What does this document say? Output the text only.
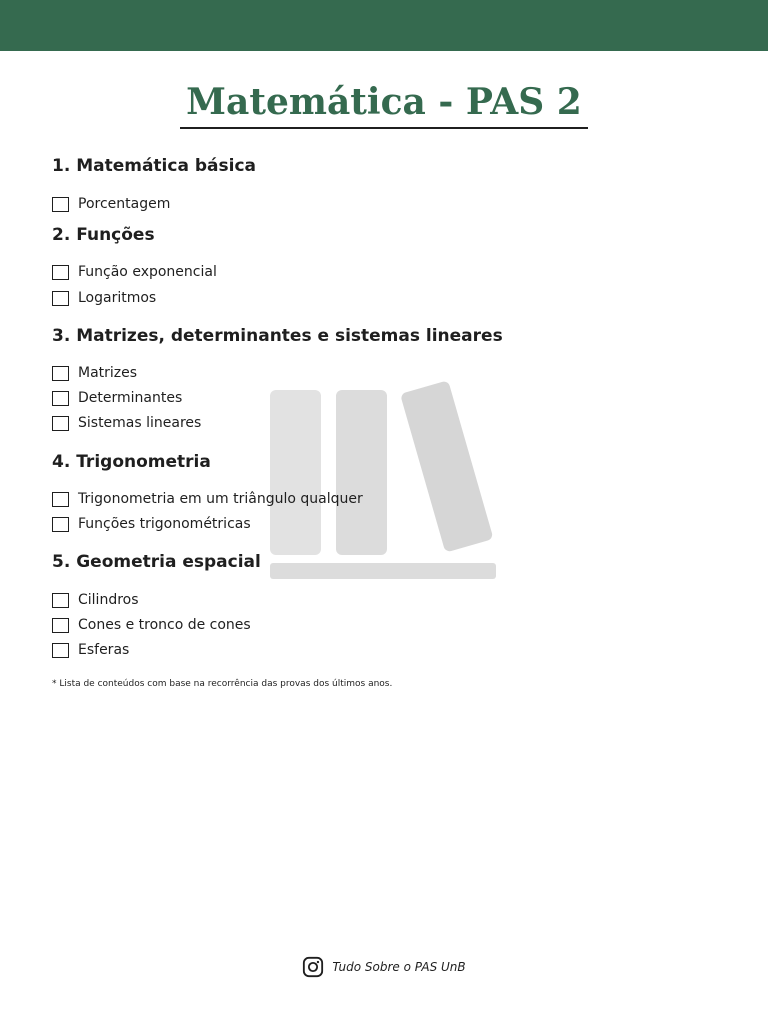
Matemática - PAS 2
1. Matemática básica
Porcentagem
2. Funções
Função exponencial
Logaritmos
3. Matrizes, determinantes e sistemas lineares
Matrizes
Determinantes
Sistemas lineares
4. Trigonometria
Trigonometria em um triângulo qualquer
Funções trigonométricas
5. Geometria espacial
Cilindros
Cones e tronco de cones
Esferas
* Lista de conteúdos com base na recorrência das provas dos últimos anos.
Tudo Sobre o PAS UnB
